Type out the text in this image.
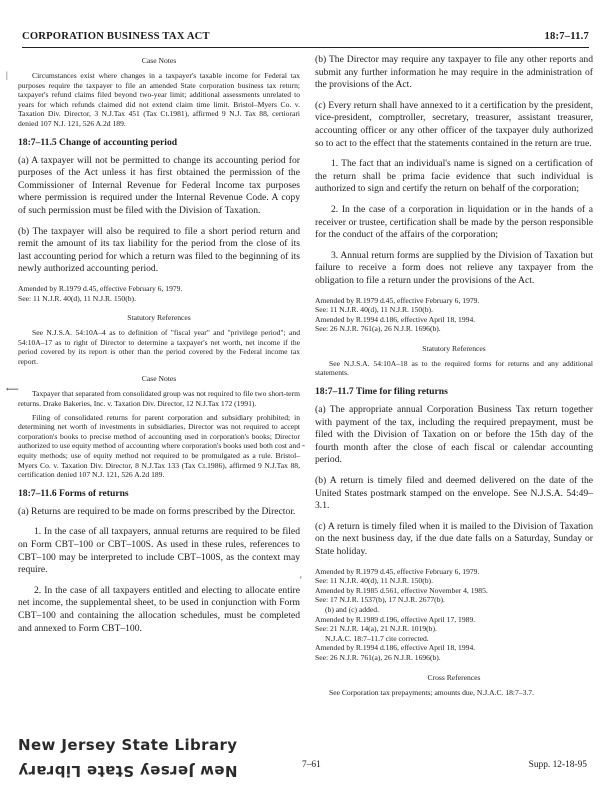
CORPORATION BUSINESS TAX ACT	18:7–11.7
Case Notes

Circumstances exist where changes in a taxpayer's taxable income for Federal tax purposes require the taxpayer to file an amended State corporation business tax return; taxpayer's refund claims filed beyond two-year limit; additional assessments unrelated to years for which refunds claimed did not extend claim time limit. Bristol–Myers Co. v. Taxation Div. Director, 3 N.J.Tax 451 (Tax Ct.1981), affirmed 9 N.J. Tax 88, certiorari denied 107 N.J. 121, 526 A.2d 189.

18:7–11.5 Change of accounting period

(a) A taxpayer will not be permitted to change its accounting period for purposes of the Act unless it has first obtained the permission of the Commissioner of Internal Revenue for Federal Income tax purposes where permission is required under the Internal Revenue Code. A copy of such permission must be filed with the Division of Taxation.

(b) The taxpayer will also be required to file a short period return and remit the amount of its tax liability for the period from the close of its last accounting period for which a return was filed to the beginning of its newly authorized accounting period.

Amended by R.1979 d.45, effective February 6, 1979.

See: 11 N.J.R. 40(d), 11 N.J.R. 150(b).

Statutory References

See N.J.S.A. 54:10A–4 as to definition of "fiscal year" and "privilege period"; and 54:10A–17 as to right of Director to determine a taxpayer's net worth, net income if the period covered by its report is other than the period covered by the Federal income tax report.

Case Notes

Taxpayer that separated from consolidated group was not required to file two short-term returns. Drake Bakeries, Inc. v. Taxation Div. Director, 12 N.J.Tax 172 (1991).

Filing of consolidated returns for parent corporation and subsidiary prohibited; in determining net worth of investments in subsidiaries, Director was not required to accept corporation's books to precise method of accounting used in corporation's books; Director authorized to use equity method of accounting where corporation's books used both cost and equity methods; use of equity method not required to be promulgated as a rule. Bristol–Myers Co. v. Taxation Div. Director, 8 N.J.Tax 133 (Tax Ct.1986), affirmed 9 N.J.Tax 88, certification denied 107 N.J. 121, 526 A.2d 189.

18:7–11.6 Forms of returns

(a) Returns are required to be made on forms prescribed by the Director.

1. In the case of all taxpayers, annual returns are required to be filed on Form CBT–100 or CBT–100S. As used in these rules, references to CBT–100 may be interpreted to include CBT–100S, as the context may require.

2. In the case of all taxpayers entitled and electing to allocate entire net income, the supplemental sheet, to be used in conjunction with Form CBT–100 and containing the allocation schedules, must be completed and annexed to Form CBT–100.

(b) The Director may require any taxpayer to file any other reports and submit any further information he may require in the administration of the provisions of the Act.

(c) Every return shall have annexed to it a certification by the president, vice-president, comptroller, secretary, treasurer, assistant treasurer, accounting officer or any other officer of the taxpayer duly authorized so to act to the effect that the statements contained in the return are true.

1. The fact that an individual's name is signed on a certification of the return shall be prima facie evidence that such individual is authorized to sign and certify the return on behalf of the corporation;

2. In the case of a corporation in liquidation or in the hands of a receiver or trustee, certification shall be made by the person responsible for the conduct of the affairs of the corporation;

3. Annual return forms are supplied by the Division of Taxation but failure to receive a form does not relieve any taxpayer from the obligation to file a return under the provisions of the Act.

Amended by R.1979 d.45, effective February 6, 1979.

See: 11 N.J.R. 40(d), 11 N.J.R. 150(b).

Amended by R.1994 d.186, effective April 18, 1994.

See: 26 N.J.R. 761(a), 26 N.J.R. 1696(b).

Statutory References

See N.J.S.A. 54:10A–18 as to the required forms for returns and any additional statements.

18:7–11.7 Time for filing returns

(a) The appropriate annual Corporation Business Tax return together with payment of the tax, including the required prepayment, must be filed with the Division of Taxation on or before the 15th day of the fourth month after the close of each fiscal or calendar accounting period.

(b) A return is timely filed and deemed delivered on the date of the United States postmark stamped on the envelope. See N.J.S.A. 54:49–3.1.

(c) A return is timely filed when it is mailed to the Division of Taxation on the next business day, if the due date falls on a Saturday, Sunday or State holiday.

Amended by R.1979 d.45, effective February 6, 1979.

See: 11 N.J.R. 40(d), 11 N.J.R. 150(b).

Amended by R.1985 d.561, effective November 4, 1985.

See: 17 N.J.R. 1537(b), 17 N.J.R. 2677(b).

(b) and (c) added.

Amended by R.1989 d.196, effective April 17, 1989.

See: 21 N.J.R. 14(a), 21 N.J.R. 1019(b).

N.J.A.C. 18:7–11.7 cite corrected.

Amended by R.1994 d.186, effective April 18, 1994.

See: 26 N.J.R. 761(a), 26 N.J.R. 1696(b).

Cross References

See Corporation tax prepayments; amounts due, N.J.A.C. 18:7–3.7.

|
⟵
-
'
New Jersey State Library
New Jersey State Library	7–61	Supp. 12-18-95
